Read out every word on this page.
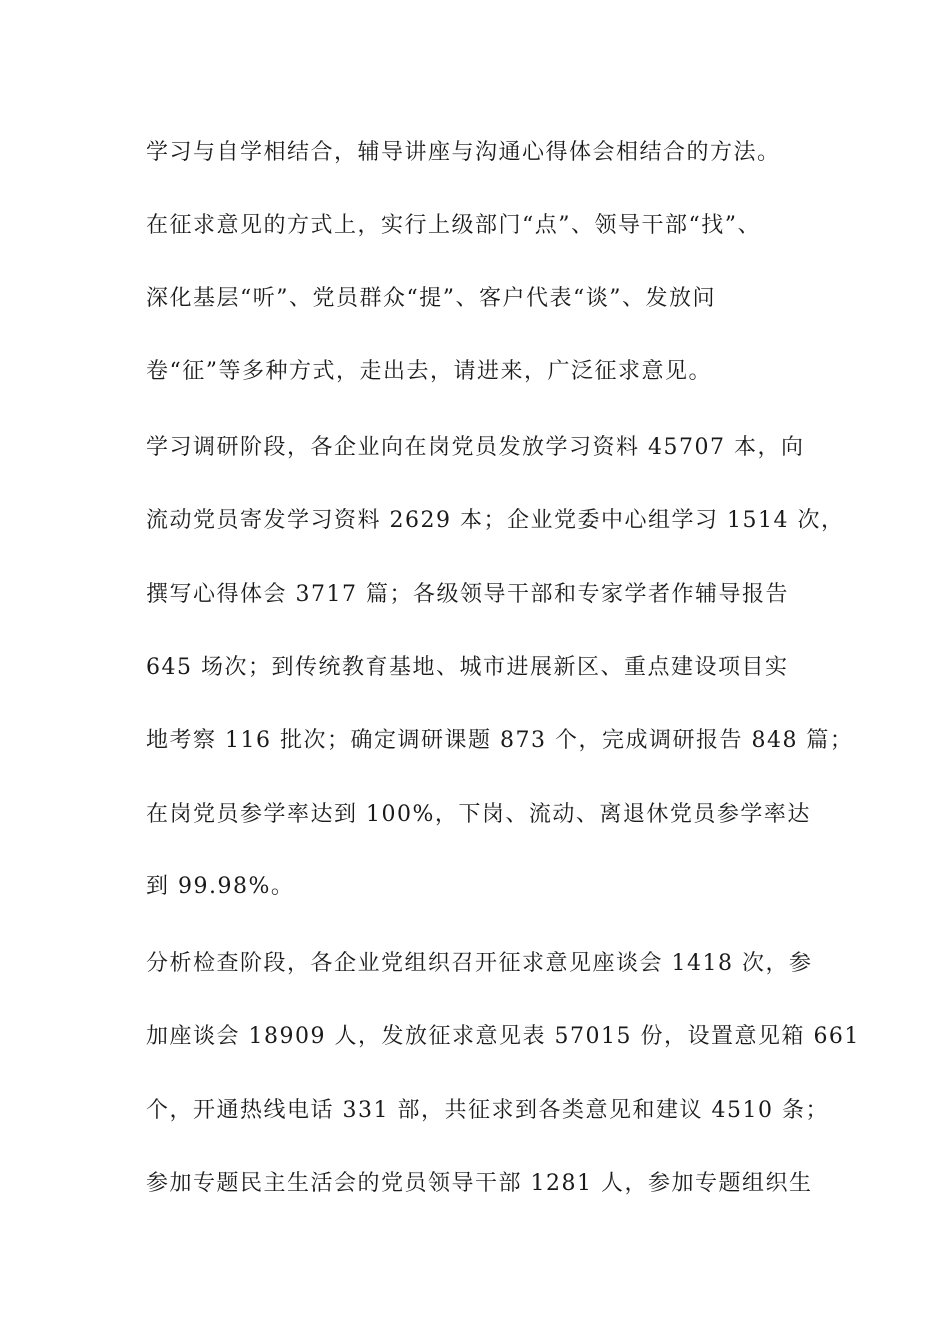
学习与自学相结合，辅导讲座与沟通心得体会相结合的方法。
在征求意见的方式上，实行上级部门“点”、领导干部“找”、
深化基层“听”、党员群众“提”、客户代表“谈”、发放问
卷“征”等多种方式，走出去，请进来，广泛征求意见。
学习调研阶段，各企业向在岗党员发放学习资料 45707 本，向
流动党员寄发学习资料 2629 本；企业党委中心组学习 1514 次，
撰写心得体会 3717 篇；各级领导干部和专家学者作辅导报告
645 场次；到传统教育基地、城市进展新区、重点建设项目实
地考察 116 批次；确定调研课题 873 个，完成调研报告 848 篇；
在岗党员参学率达到 100%，下岗、流动、离退休党员参学率达
到 99.98%。
分析检查阶段，各企业党组织召开征求意见座谈会 1418 次，参
加座谈会 18909 人，发放征求意见表 57015 份，设置意见箱 661
个，开通热线电话 331 部，共征求到各类意见和建议 4510 条；
参加专题民主生活会的党员领导干部 1281 人，参加专题组织生
